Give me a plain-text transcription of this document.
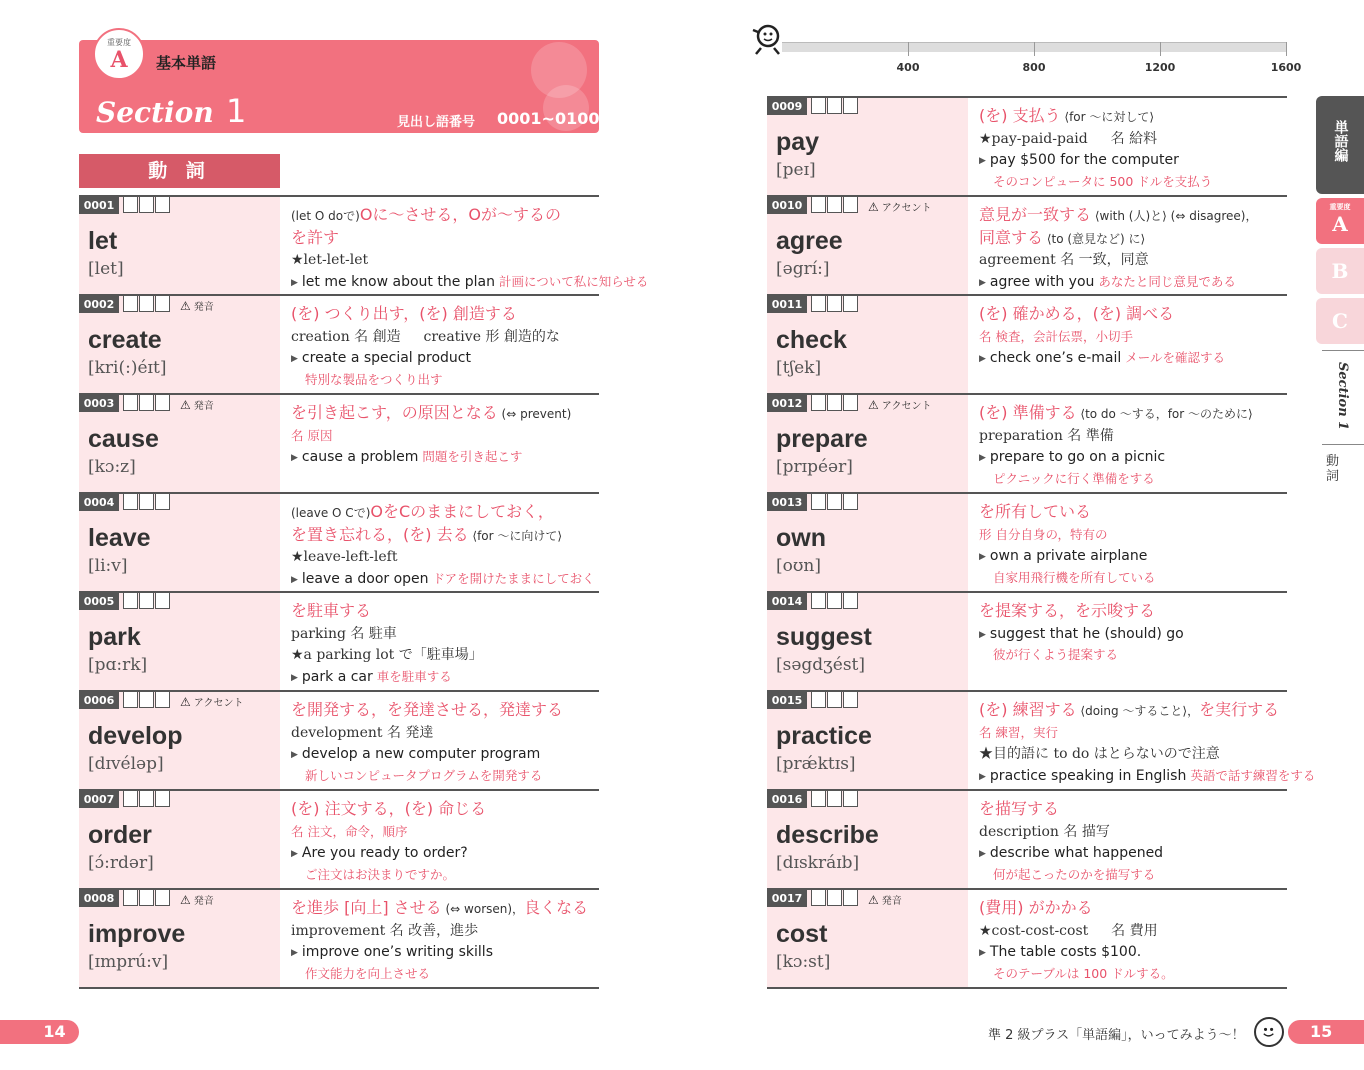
重要度
A	基本単語
Section 1	見出し語番号 0001~0100
動 詞
0001
let
[let]
(let O doで)Oに～させる，Oが～するの
を許す
★let-let-let
▶ let me know about the plan 計画について私に知らせる
0002	⚠ 発音
create
[kri(:)éɪt]
(を) つくり出す，(を) 創造する
creation 名 創造 　 creative 形 創造的な
▶ create a special product
特別な製品をつくり出す
0003	⚠ 発音
cause
[kɔ:z]
を引き起こす，の原因となる (⇔ prevent)
名 原因
▶ cause a problem 問題を引き起こす
0004
leave
[li:v]
(leave O Cで)OをCのままにしておく，
を置き忘れる，(を) 去る ⟨for ～に向けて⟩
★leave-left-left
▶ leave a door open ドアを開けたままにしておく
0005
park
[pɑ:rk]
を駐車する
parking 名 駐車
★a parking lot で「駐車場」
▶ park a car 車を駐車する
0006	⚠ アクセント
develop
[dɪvéləp]
を開発する，を発達させる，発達する
development 名 発達
▶ develop a new computer program
新しいコンピュータプログラムを開発する
0007
order
[ɔ́:rdər]
(を) 注文する，(を) 命じる
名 注文，命令，順序
▶ Are you ready to order?
ご注文はお決まりですか。
0008	⚠ 発音
improve
[ɪmprú:v]
を進歩 [向上] させる (⇔ worsen)，良くなる
improvement 名 改善，進歩
▶ improve one’s writing skills
作文能力を向上させる
0009
pay
[peɪ]
(を) 支払う ⟨for ～に対して⟩
★pay-paid-paid 　 名 給料
▶ pay $500 for the computer
そのコンピュータに 500 ドルを支払う
0010	⚠ アクセント
agree
[əgrí:]
意見が一致する ⟨with (人)と⟩ (⇔ disagree)，
同意する ⟨to (意見など) に⟩
agreement 名 一致，同意
▶ agree with you あなたと同じ意見である
0011
check
[tʃek]
(を) 確かめる，(を) 調べる
名 検査，会計伝票，小切手
▶ check one’s e-mail メールを確認する
0012	⚠ アクセント
prepare
[prɪpéər]
(を) 準備する ⟨to do ～する，for ～のために⟩
preparation 名 準備
▶ prepare to go on a picnic
ピクニックに行く準備をする
0013
own
[oʊn]
を所有している
形 自分自身の，特有の
▶ own a private airplane
自家用飛行機を所有している
0014
suggest
[səgdʒést]
を提案する，を示唆する
▶ suggest that he (should) go
彼が行くよう提案する
0015
practice
[prǽktɪs]
(を) 練習する ⟨doing ～すること⟩，を実行する
名 練習，実行
★目的語に to do はとらないので注意
▶ practice speaking in English 英語で話す練習をする
0016
describe
[dɪskráɪb]
を描写する
description 名 描写
▶ describe what happened
何が起こったのかを描写する
0017	⚠ 発音
cost
[kɔ:st]
(費用) がかかる
★cost-cost-cost 　 名 費用
▶ The table costs $100.
そのテーブルは 100 ドルする。
400	800	1200	1600
単語編
重要度
A
B
C
Section 1
動詞
14	準 2 級プラス「単語編」，いってみよう～！	15
